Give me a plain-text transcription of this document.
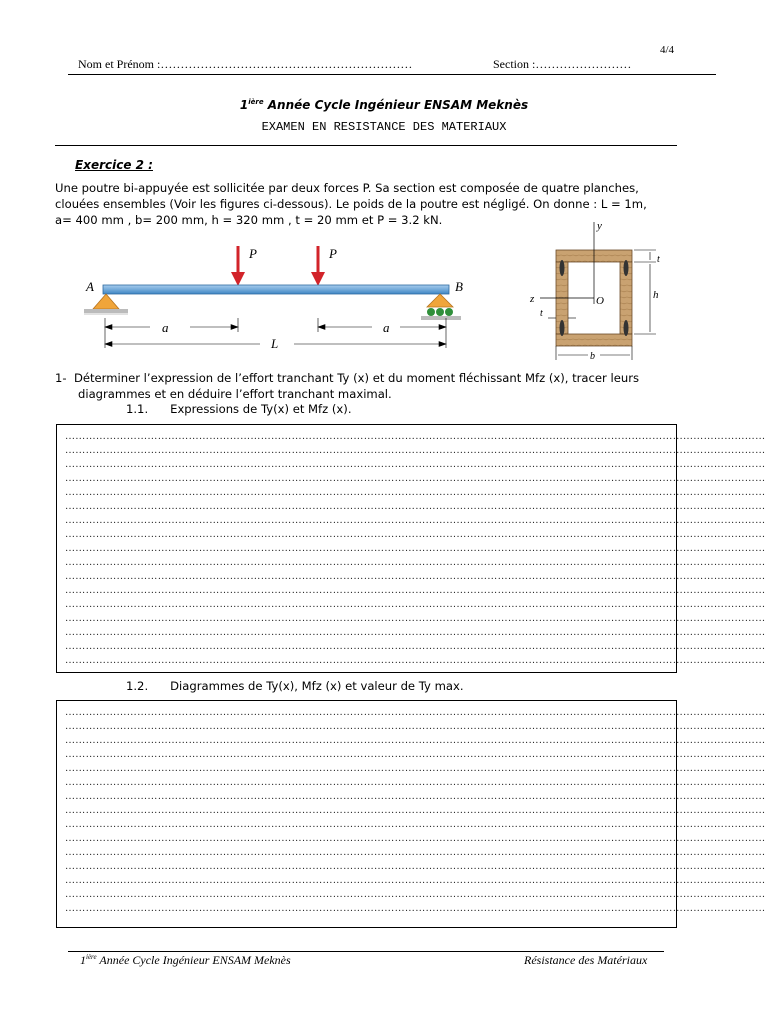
4/4
Nom et Prénom :………………………………………………………	Section :……………………
$1^{ière}$ Année Cycle Ingénieur ENSAM Meknès
EXAMEN EN RESISTANCE DES MATERIAUX
Exercice 2 :
Une poutre bi-appuyée est sollicitée par deux forces P. Sa section est composée de quatre planches,
clouées ensembles (Voir les figures ci-dessous). Le poids de la poutre est négligé. On donne : L = 1m,
a= 400 mm , b= 200 mm, h = 320 mm , t = 20 mm et P = 3.2 kN.
P	P
A	B
a	a
L
y
z	O
t
h
t
b
1- Déterminer l’expression de l’effort tranchant Ty (x) et du moment fléchissant Mfz (x), tracer leurs
diagrammes et en déduire l’effort tranchant maximal.
1.1. Expressions de Ty(x) et Mfz (x).
……………………………………………………………………………………………………………………………………………………………………………………
……………………………………………………………………………………………………………………………………………………………………………………
……………………………………………………………………………………………………………………………………………………………………………………
……………………………………………………………………………………………………………………………………………………………………………………
……………………………………………………………………………………………………………………………………………………………………………………
……………………………………………………………………………………………………………………………………………………………………………………
……………………………………………………………………………………………………………………………………………………………………………………
……………………………………………………………………………………………………………………………………………………………………………………
……………………………………………………………………………………………………………………………………………………………………………………
……………………………………………………………………………………………………………………………………………………………………………………
……………………………………………………………………………………………………………………………………………………………………………………
……………………………………………………………………………………………………………………………………………………………………………………
……………………………………………………………………………………………………………………………………………………………………………………
……………………………………………………………………………………………………………………………………………………………………………………
……………………………………………………………………………………………………………………………………………………………………………………
……………………………………………………………………………………………………………………………………………………………………………………
……………………………………………………………………………………………………………………………………………………………………………………
1.2. Diagrammes de Ty(x), Mfz (x) et valeur de Ty max.
……………………………………………………………………………………………………………………………………………………………………………………
……………………………………………………………………………………………………………………………………………………………………………………
……………………………………………………………………………………………………………………………………………………………………………………
……………………………………………………………………………………………………………………………………………………………………………………
……………………………………………………………………………………………………………………………………………………………………………………
……………………………………………………………………………………………………………………………………………………………………………………
……………………………………………………………………………………………………………………………………………………………………………………
……………………………………………………………………………………………………………………………………………………………………………………
……………………………………………………………………………………………………………………………………………………………………………………
……………………………………………………………………………………………………………………………………………………………………………………
……………………………………………………………………………………………………………………………………………………………………………………
……………………………………………………………………………………………………………………………………………………………………………………
……………………………………………………………………………………………………………………………………………………………………………………
……………………………………………………………………………………………………………………………………………………………………………………
……………………………………………………………………………………………………………………………………………………………………………………
$1^{ière}$ Année Cycle Ingénieur ENSAM Meknès	Résistance des Matériaux
